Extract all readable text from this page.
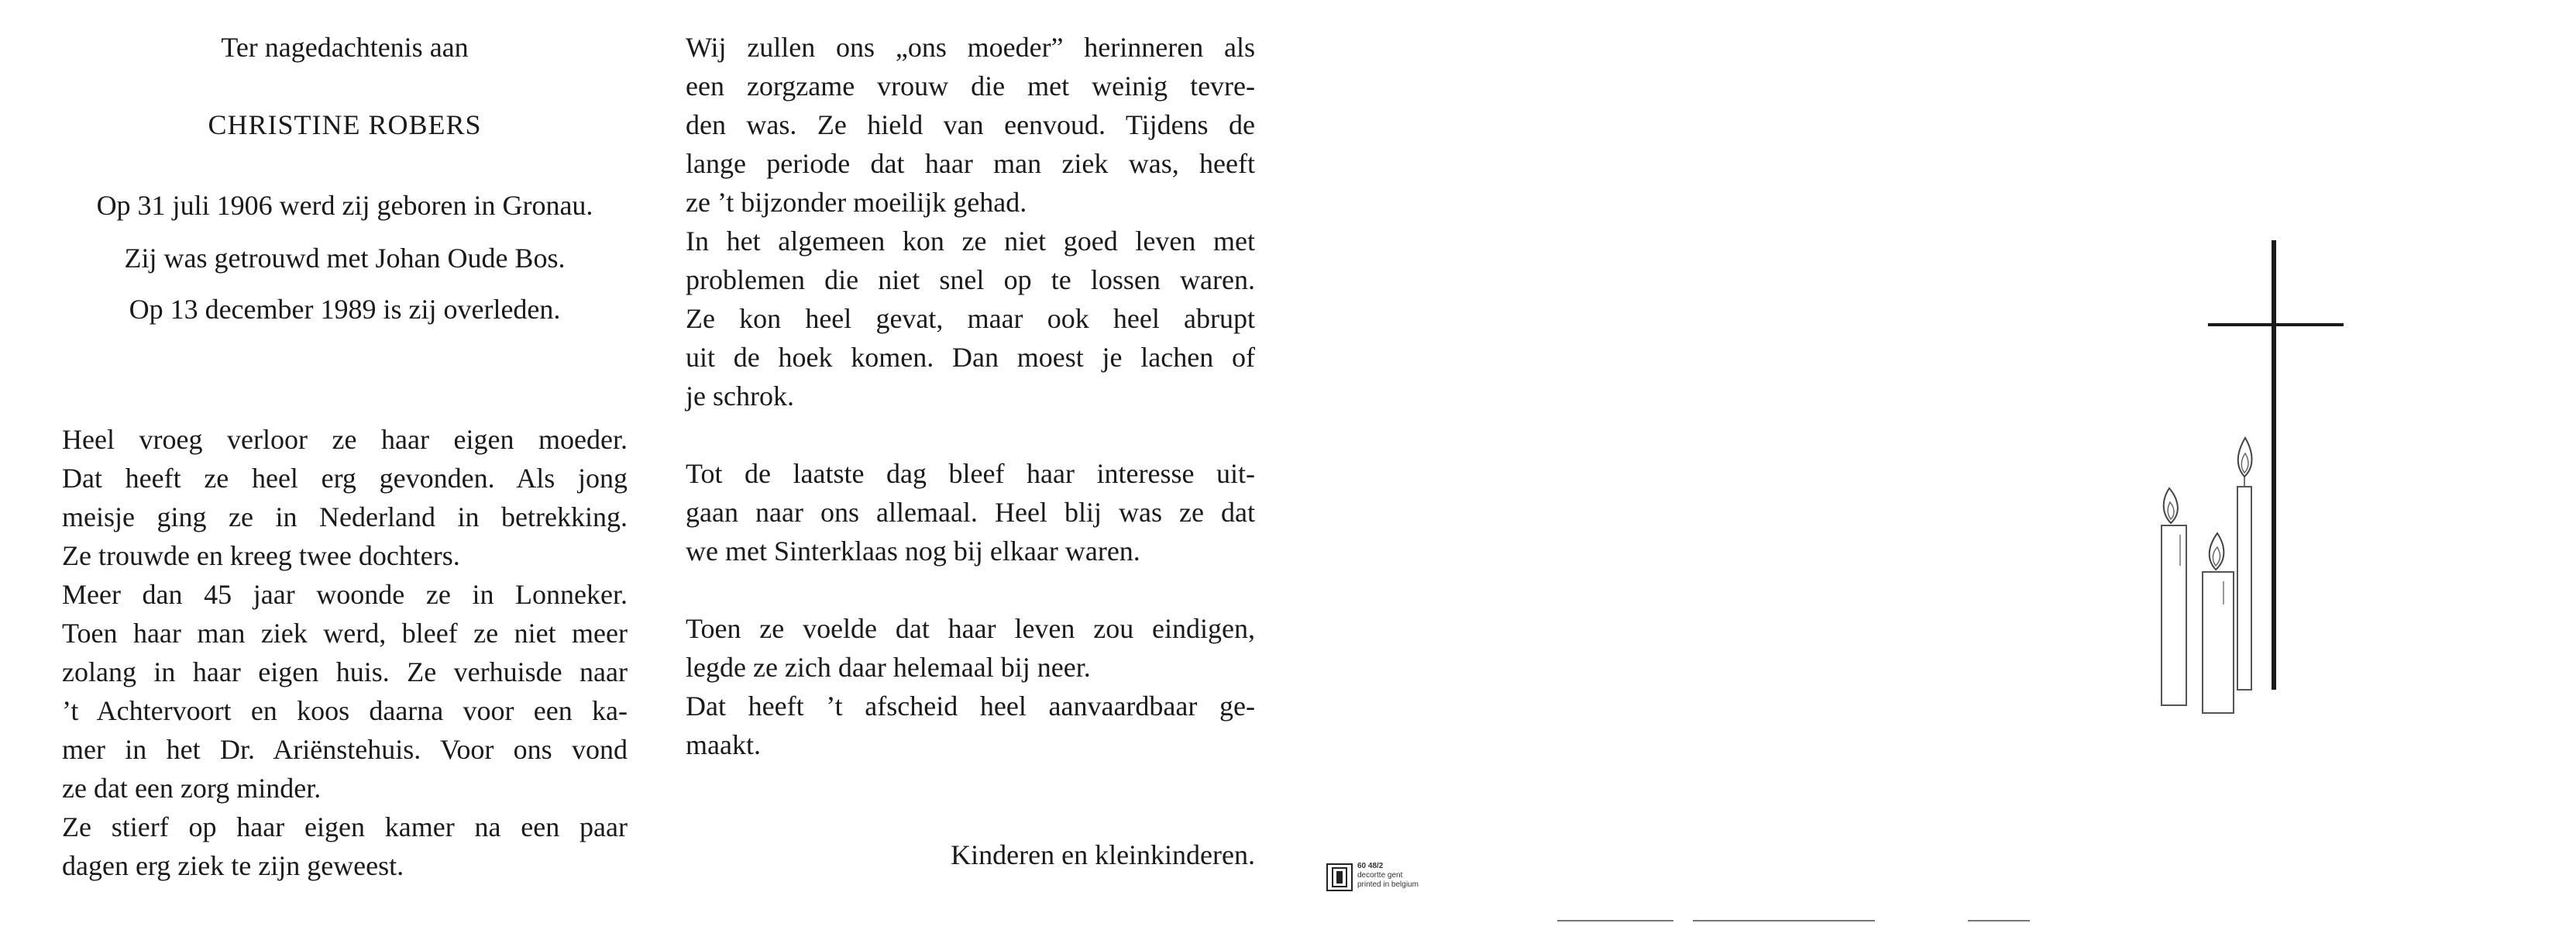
Ter nagedachtenis aan
CHRISTINE ROBERS
Op 31 juli 1906 werd zij geboren in Gronau.
Zij was getrouwd met Johan Oude Bos.
Op 13 december 1989 is zij overleden.
Heel vroeg verloor ze haar eigen moeder.
Dat heeft ze heel erg gevonden. Als jong
meisje ging ze in Nederland in betrekking.
Ze trouwde en kreeg twee dochters.
Meer dan 45 jaar woonde ze in Lonneker.
Toen haar man ziek werd, bleef ze niet meer
zolang in haar eigen huis. Ze verhuisde naar
’t Achtervoort en koos daarna voor een ka-
mer in het Dr. Ariënstehuis. Voor ons vond
ze dat een zorg minder.
Ze stierf op haar eigen kamer na een paar
dagen erg ziek te zijn geweest.
Wij zullen ons „ons moeder” herinneren als
een zorgzame vrouw die met weinig tevre-
den was. Ze hield van eenvoud. Tijdens de
lange periode dat haar man ziek was, heeft
ze ’t bijzonder moeilijk gehad.
In het algemeen kon ze niet goed leven met
problemen die niet snel op te lossen waren.
Ze kon heel gevat, maar ook heel abrupt
uit de hoek komen. Dan moest je lachen of
je schrok.
Tot de laatste dag bleef haar interesse uit-
gaan naar ons allemaal. Heel blij was ze dat
we met Sinterklaas nog bij elkaar waren.
Toen ze voelde dat haar leven zou eindigen,
legde ze zich daar helemaal bij neer.
Dat heeft ’t afscheid heel aanvaardbaar ge-
maakt.
Kinderen en kleinkinderen.	60 48/2
decortte gent
printed in belgium
